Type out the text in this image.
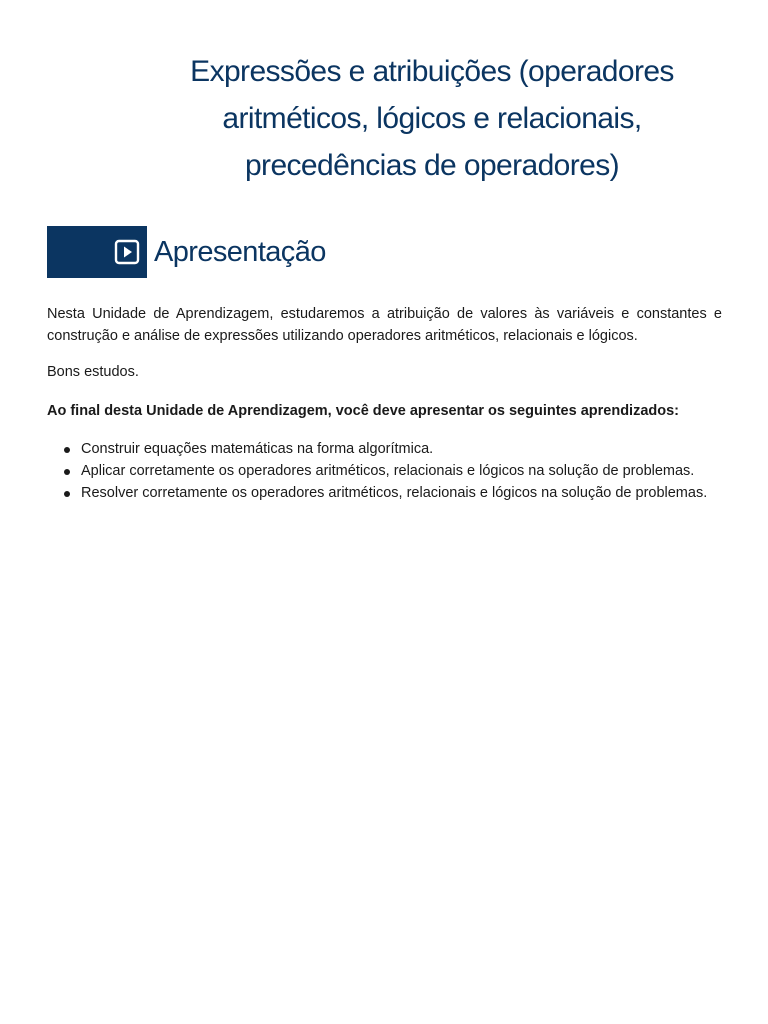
Expressões e atribuições (operadores aritméticos, lógicos e relacionais, precedências de operadores)
Apresentação

Nesta Unidade de Aprendizagem, estudaremos a atribuição de valores às variáveis e constantes e construção e análise de expressões utilizando operadores aritméticos, relacionais e lógicos.

Bons estudos.

Ao final desta Unidade de Aprendizagem, você deve apresentar os seguintes aprendizados:

Construir equações matemáticas na forma algorítmica.
Aplicar corretamente os operadores aritméticos, relacionais e lógicos na solução de problemas.
Resolver corretamente os operadores aritméticos, relacionais e lógicos na solução de problemas.
